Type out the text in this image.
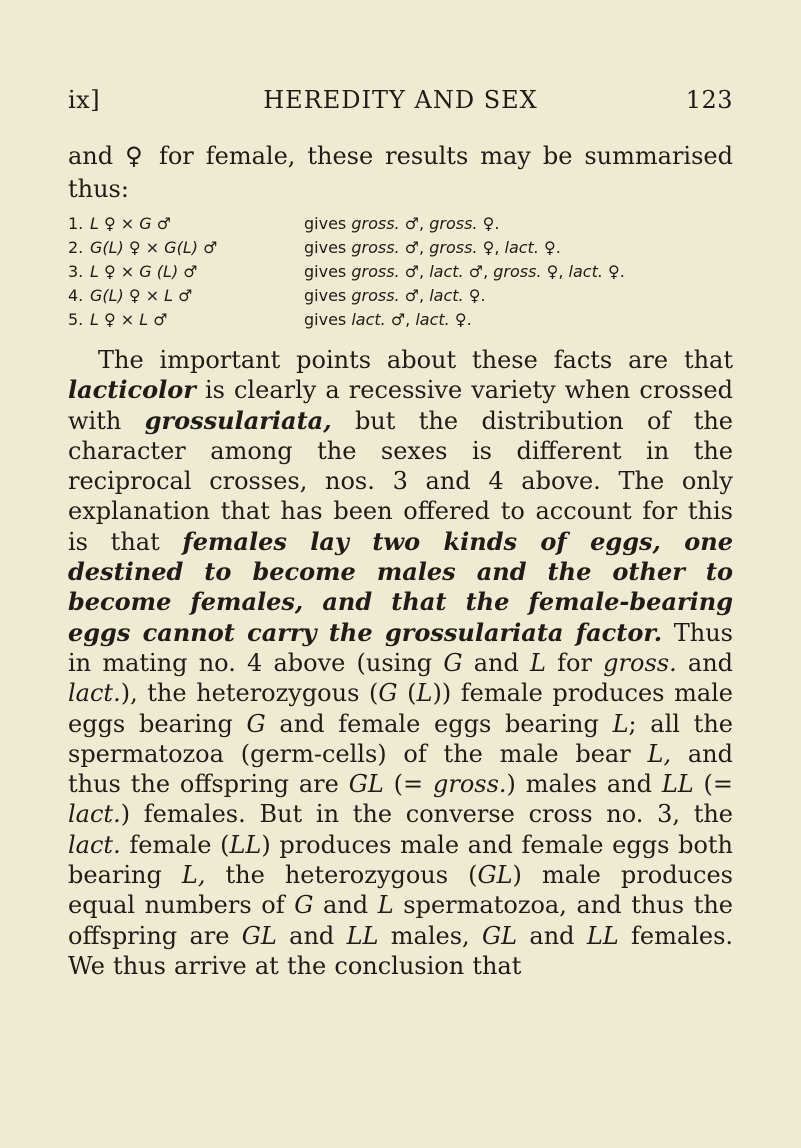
ix]	HEREDITY AND SEX	123
and ♀ for female, these results may be summarised thus:
1. L ♀ × G ♂	gives gross. ♂, gross. ♀.
2. G(L) ♀ × G(L) ♂	gives gross. ♂, gross. ♀, lact. ♀.
3. L ♀ × G (L) ♂	gives gross. ♂, lact. ♂, gross. ♀, lact. ♀.
4. G(L) ♀ × L ♂	gives gross. ♂, lact. ♀.
5. L ♀ × L ♂	gives lact. ♂, lact. ♀.
The important points about these facts are that lacticolor is clearly a recessive variety when crossed with grossulariata, but the distribution of the character among the sexes is different in the reciprocal crosses, nos. 3 and 4 above. The only explanation that has been offered to account for this is that females lay two kinds of eggs, one destined to become males and the other to become females, and that the female-bearing eggs cannot carry the grossulariata factor. Thus in mating no. 4 above (using G and L for gross. and lact.), the heterozygous (G (L)) female produces male eggs bearing G and female eggs bearing L; all the spermatozoa (germ-cells) of the male bear L, and thus the offspring are GL (= gross.) males and LL (= lact.) females. But in the converse cross no. 3, the lact. female (LL) produces male and female eggs both bearing L, the heterozygous (GL) male produces equal numbers of G and L spermatozoa, and thus the offspring are GL and LL males, GL and LL females. We thus arrive at the conclusion that
